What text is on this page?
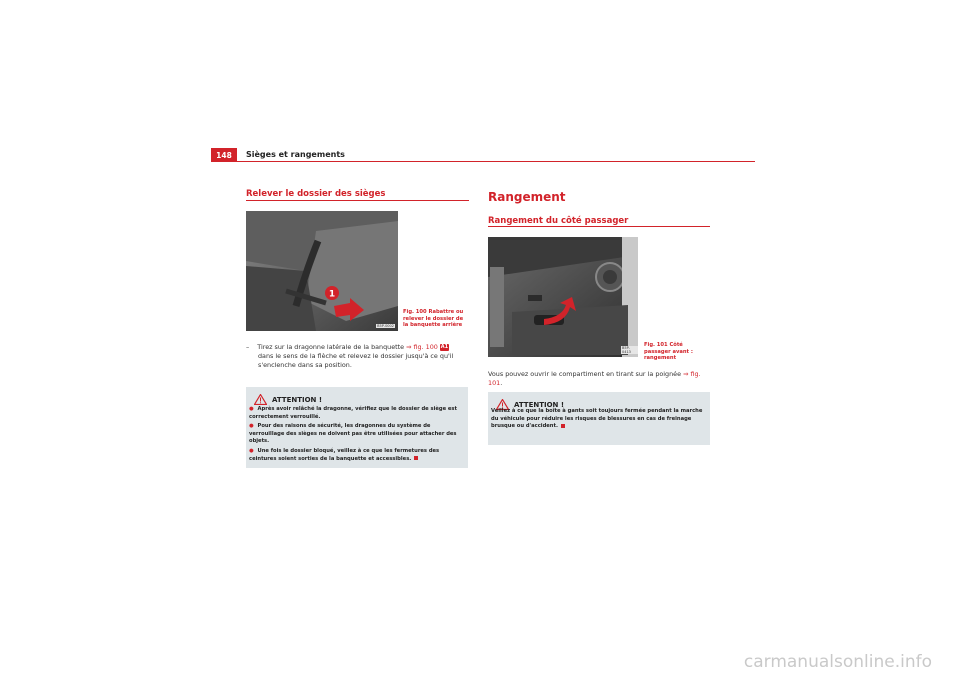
148	Sièges et rangements
Relever le dossier des sièges
1
B5P-0002
Fig. 100 Rabattre ou relever le dossier de la banquette arrière
– Tirez sur la dragonne latérale de la banquette ⇒ fig. 100 A1
dans le sens de la flèche et relevez le dossier jusqu'à ce qu'il s'enclenche dans sa position.
ATTENTION !

● Après avoir relâché la dragonne, vérifiez que le dossier de siège est correctement verrouillé.

● Pour des raisons de sécurité, les dragonnes du système de verrouillage des sièges ne doivent pas être utilisées pour attacher des objets.

● Une fois le dossier bloqué, veillez à ce que les fermetures des ceintures soient sorties de la banquette et accessibles.

Rangement
Rangement du côté passager
B5P-0413
Fig. 101 Côté passager avant : rangement
Vous pouvez ouvrir le compartiment en tirant sur la poignée ⇒ fig. 101.
ATTENTION !
Veillez à ce que la boîte à gants soit toujours fermée pendant la marche du véhicule pour réduire les risques de blessures en cas de freinage brusque ou d'accident.
carmanualsonline.info
